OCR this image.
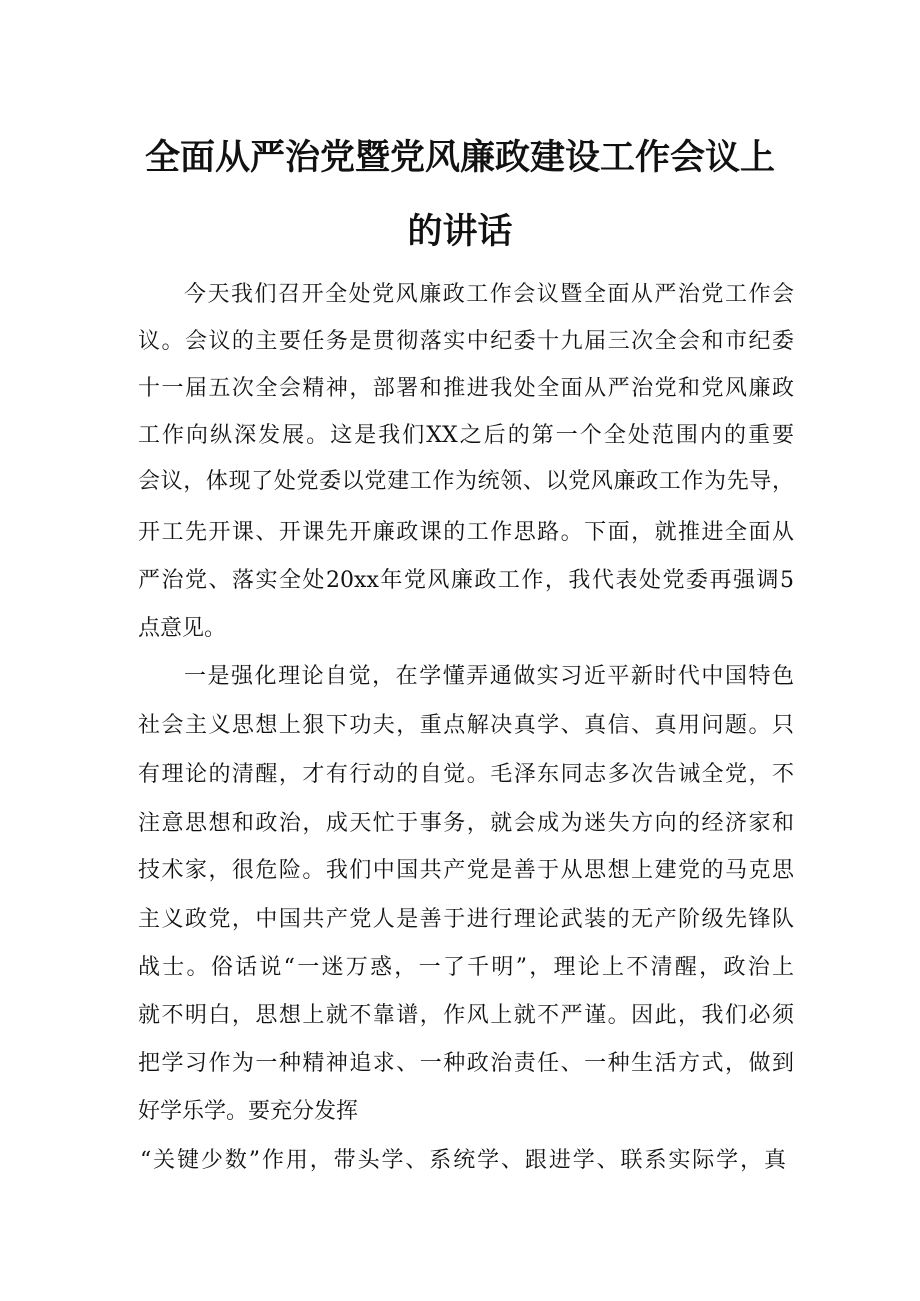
全面从严治党暨党风廉政建设工作会议上
的讲话
今天我们召开全处党风廉政工作会议暨全面从严治党工作会
议。会议的主要任务是贯彻落实中纪委十九届三次全会和市纪委
十一届五次全会精神，部署和推进我处全面从严治党和党风廉政
工作向纵深发展。这是我们XX之后的第一个全处范围内的重要
会议，体现了处党委以党建工作为统领、以党风廉政工作为先导，
开工先开课、开课先开廉政课的工作思路。下面，就推进全面从
严治党、落实全处20xx年党风廉政工作，我代表处党委再强调5
点意见。
一是强化理论自觉，在学懂弄通做实习近平新时代中国特色
社会主义思想上狠下功夫，重点解决真学、真信、真用问题。只
有理论的清醒，才有行动的自觉。毛泽东同志多次告诫全党，不
注意思想和政治，成天忙于事务，就会成为迷失方向的经济家和
技术家，很危险。我们中国共产党是善于从思想上建党的马克思
主义政党，中国共产党人是善于进行理论武装的无产阶级先锋队
战士。俗话说“一迷万惑，一了千明”，理论上不清醒，政治上
就不明白，思想上就不靠谱，作风上就不严谨。因此，我们必须
把学习作为一种精神追求、一种政治责任、一种生活方式，做到
好学乐学。要充分发挥
“关键少数”作用，带头学、系统学、跟进学、联系实际学，真
